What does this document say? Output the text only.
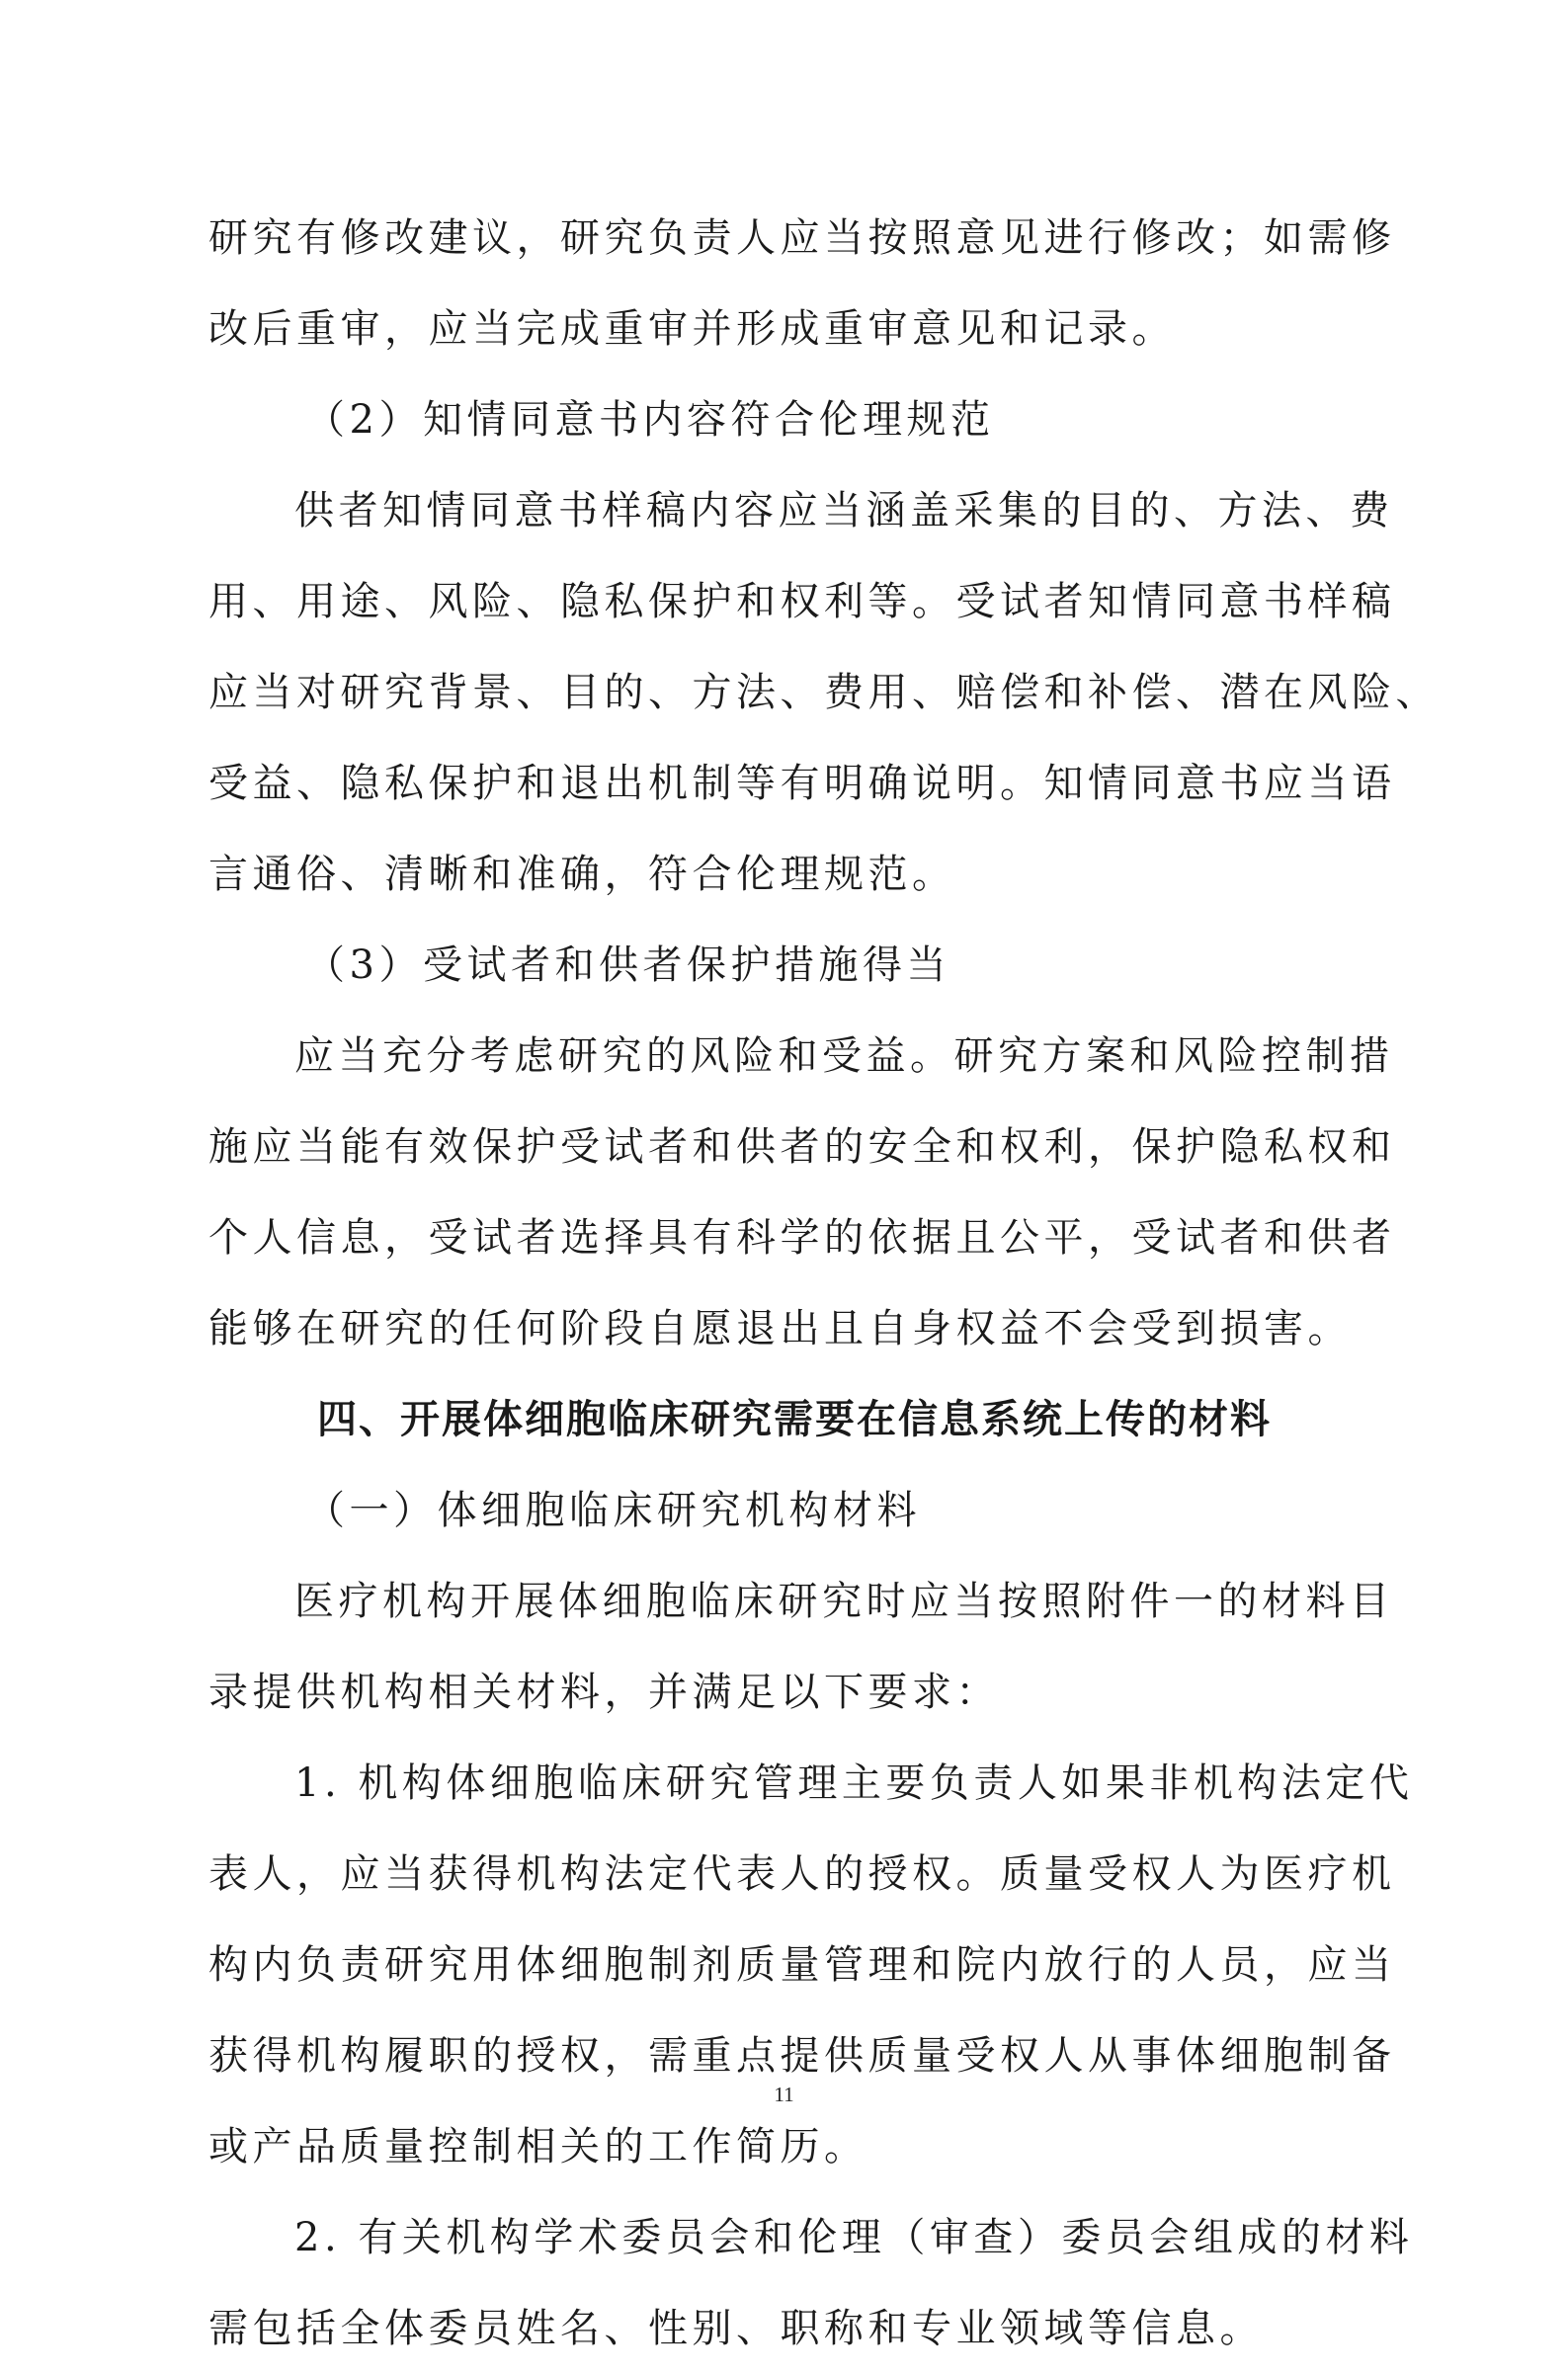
研究有修改建议，研究负责人应当按照意见进行修改；如需修

改后重审，应当完成重审并形成重审意见和记录。

（2）知情同意书内容符合伦理规范

供者知情同意书样稿内容应当涵盖采集的目的、方法、费

用、用途、风险、隐私保护和权利等。受试者知情同意书样稿

应当对研究背景、目的、方法、费用、赔偿和补偿、潜在风险、

受益、隐私保护和退出机制等有明确说明。知情同意书应当语

言通俗、清晰和准确，符合伦理规范。

（3）受试者和供者保护措施得当

应当充分考虑研究的风险和受益。研究方案和风险控制措

施应当能有效保护受试者和供者的安全和权利，保护隐私权和

个人信息，受试者选择具有科学的依据且公平，受试者和供者

能够在研究的任何阶段自愿退出且自身权益不会受到损害。

四、开展体细胞临床研究需要在信息系统上传的材料

（一）体细胞临床研究机构材料

医疗机构开展体细胞临床研究时应当按照附件一的材料目

录提供机构相关材料，并满足以下要求：

1. 机构体细胞临床研究管理主要负责人如果非机构法定代

表人，应当获得机构法定代表人的授权。质量受权人为医疗机

构内负责研究用体细胞制剂质量管理和院内放行的人员，应当

获得机构履职的授权，需重点提供质量受权人从事体细胞制备

或产品质量控制相关的工作简历。

2. 有关机构学术委员会和伦理（审查）委员会组成的材料

需包括全体委员姓名、性别、职称和专业领域等信息。

11
